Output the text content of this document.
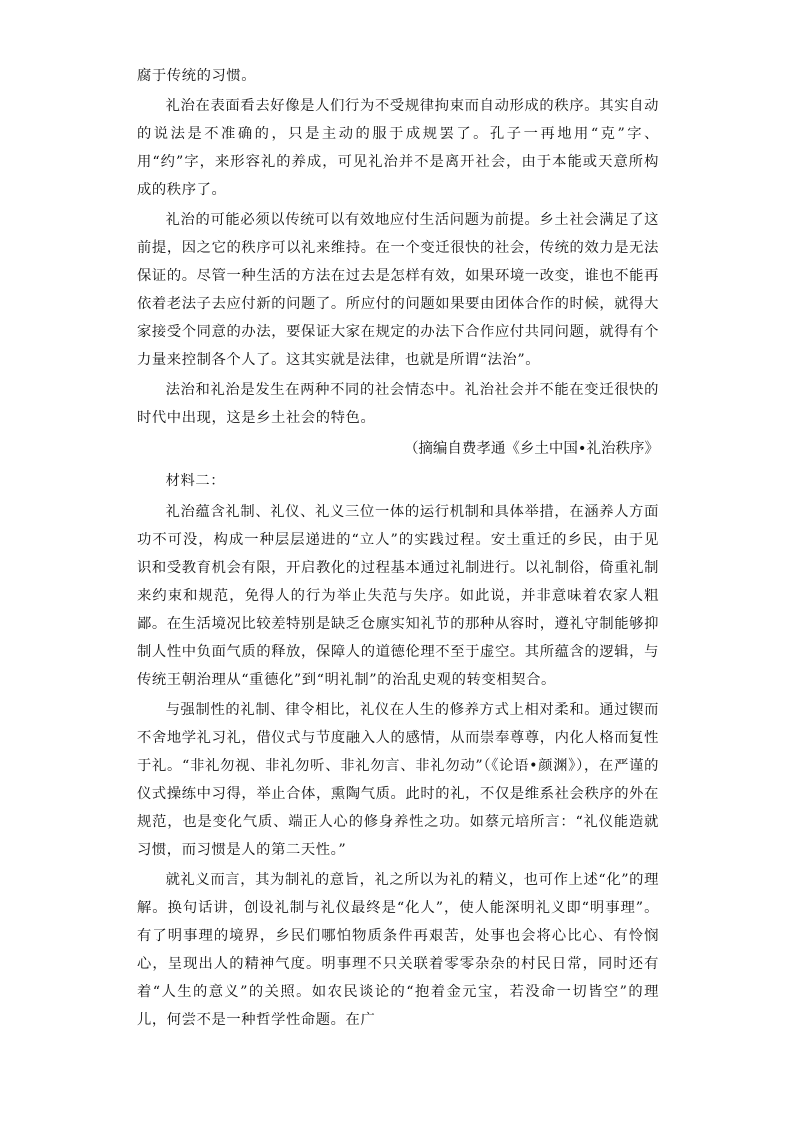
腐于传统的习惯。

礼治在表面看去好像是人们行为不受规律拘束而自动形成的秩序。其实自动的说法是不准确的，只是主动的服于成规罢了。孔子一再地用“克”字、用“约”字，来形容礼的养成，可见礼治并不是离开社会，由于本能或天意所构成的秩序了。

礼治的可能必须以传统可以有效地应付生活问题为前提。乡土社会满足了这前提，因之它的秩序可以礼来维持。在一个变迁很快的社会，传统的效力是无法保证的。尽管一种生活的方法在过去是怎样有效，如果环境一改变，谁也不能再依着老法子去应付新的问题了。所应付的问题如果要由团体合作的时候，就得大家接受个同意的办法，要保证大家在规定的办法下合作应付共同问题，就得有个力量来控制各个人了。这其实就是法律，也就是所谓“法治”。

法治和礼治是发生在两种不同的社会情态中。礼治社会并不能在变迁很快的时代中出现，这是乡土社会的特色。

（摘编自费孝通《乡土中国•礼治秩序》

材料二：

礼治蕴含礼制、礼仪、礼义三位一体的运行机制和具体举措，在涵养人方面功不可没，构成一种层层递进的“立人”的实践过程。安土重迁的乡民，由于见识和受教育机会有限，开启教化的过程基本通过礼制进行。以礼制俗，倚重礼制来约束和规范，免得人的行为举止失范与失序。如此说，并非意味着农家人粗鄙。在生活境况比较差特别是缺乏仓廪实知礼节的那种从容时，遵礼守制能够抑制人性中负面气质的释放，保障人的道德伦理不至于虚空。其所蕴含的逻辑，与传统王朝治理从“重德化”到“明礼制”的治乱史观的转变相契合。

与强制性的礼制、律令相比，礼仪在人生的修养方式上相对柔和。通过锲而不舍地学礼习礼，借仪式与节度融入人的感情，从而崇奉尊尊，内化人格而复性于礼。“非礼勿视、非礼勿听、非礼勿言、非礼勿动”（《论语•颜渊》），在严谨的仪式操练中习得，举止合体，熏陶气质。此时的礼，不仅是维系社会秩序的外在规范，也是变化气质、端正人心的修身养性之功。如蔡元培所言：“礼仪能造就习惯，而习惯是人的第二天性。”

就礼义而言，其为制礼的意旨，礼之所以为礼的精义，也可作上述“化”的理解。换句话讲，创设礼制与礼仪最终是“化人”，使人能深明礼义即“明事理”。有了明事理的境界，乡民们哪怕物质条件再艰苦，处事也会将心比心、有怜悯心，呈现出人的精神气度。明事理不只关联着零零杂杂的村民日常，同时还有着“人生的意义”的关照。如农民谈论的“抱着金元宝，若没命一切皆空”的理儿，何尝不是一种哲学性命题。在广
